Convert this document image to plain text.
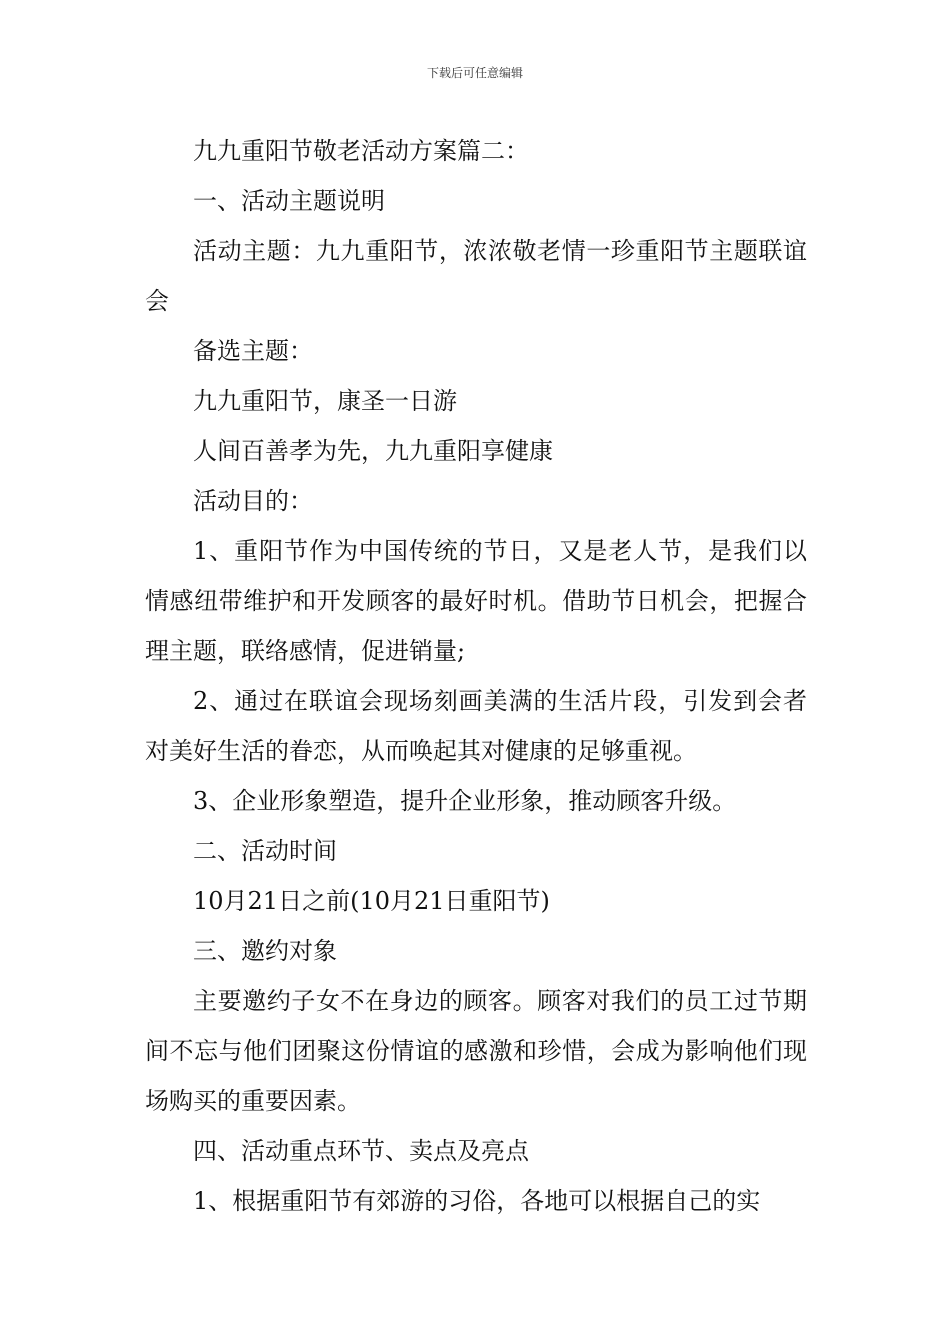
下载后可任意编辑

九九重阳节敬老活动方案篇二：

一、活动主题说明

活动主题：九九重阳节，浓浓敬老情一珍重阳节主题联谊会

备选主题：

九九重阳节，康圣一日游

人间百善孝为先，九九重阳享健康

活动目的：

1、重阳节作为中国传统的节日，又是老人节，是我们以情感纽带维护和开发顾客的最好时机。借助节日机会，把握合理主题，联络感情，促进销量;

2、通过在联谊会现场刻画美满的生活片段，引发到会者对美好生活的眷恋，从而唤起其对健康的足够重视。

3、企业形象塑造，提升企业形象，推动顾客升级。

二、活动时间

10月21日之前(10月21日重阳节)

三、邀约对象

主要邀约子女不在身边的顾客。顾客对我们的员工过节期间不忘与他们团聚这份情谊的感激和珍惜，会成为影响他们现场购买的重要因素。

四、活动重点环节、卖点及亮点

1、根据重阳节有郊游的习俗，各地可以根据自己的实
